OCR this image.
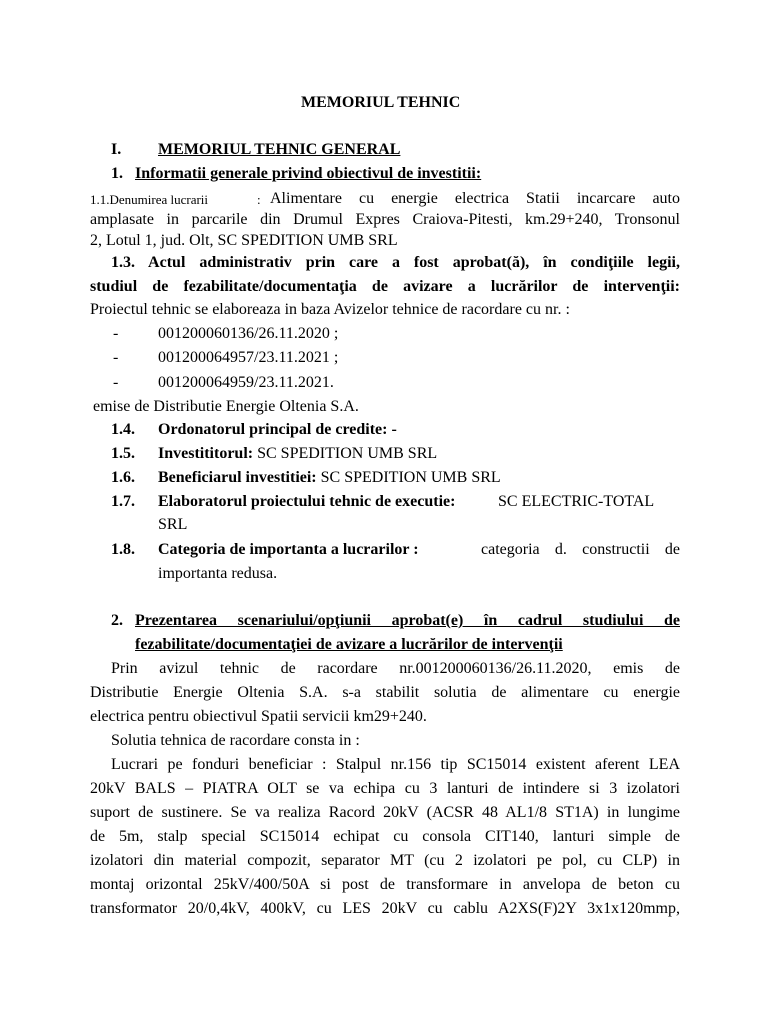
MEMORIUL TEHNIC
I. MEMORIUL TEHNIC GENERAL
1. Informatii generale privind obiectivul de investitii:
1.1.Denumirea lucrarii	: Alimentare cu energie electrica Statii incarcare auto
amplasate in parcarile din Drumul Expres Craiova-Pitesti, km.29+240, Tronsonul
2, Lotul 1, jud. Olt, SC SPEDITION UMB SRL
1.3. Actul administrativ prin care a fost aprobat(ă), în condiţiile legii,
studiul de fezabilitate/documentaţia de avizare a lucrărilor de intervenţii:
Proiectul tehnic se elaboreaza in baza Avizelor tehnice de racordare cu nr. :
- 001200060136/26.11.2020 ;
- 001200064957/23.11.2021 ;
- 001200064959/23.11.2021.
emise de Distributie Energie Oltenia S.A.
1.4. Ordonatorul principal de credite: -
1.5. Investititorul: SC SPEDITION UMB SRL
1.6. Beneficiarul investitiei: SC SPEDITION UMB SRL
1.7. Elaboratorul proiectului tehnic de executie:	SC ELECTRIC-TOTAL
SRL
1.8. Categoria de importanta a lucrarilor :	categoria d. constructii de
importanta redusa.
2. Prezentarea scenariului/opţiunii aprobat(e) în cadrul studiului de
fezabilitate/documentaţiei de avizare a lucrărilor de intervenţii
Prin avizul tehnic de racordare nr.001200060136/26.11.2020, emis de
Distributie Energie Oltenia S.A. s-a stabilit solutia de alimentare cu energie
electrica pentru obiectivul Spatii servicii km29+240.
Solutia tehnica de racordare consta in :
Lucrari pe fonduri beneficiar : Stalpul nr.156 tip SC15014 existent aferent LEA
20kV BALS – PIATRA OLT se va echipa cu 3 lanturi de intindere si 3 izolatori
suport de sustinere. Se va realiza Racord 20kV (ACSR 48 AL1/8 ST1A) in lungime
de 5m, stalp special SC15014 echipat cu consola CIT140, lanturi simple de
izolatori din material compozit, separator MT (cu 2 izolatori pe pol, cu CLP) in
montaj orizontal 25kV/400/50A si post de transformare in anvelopa de beton cu
transformator 20/0,4kV, 400kV, cu LES 20kV cu cablu A2XS(F)2Y 3x1x120mmp,
